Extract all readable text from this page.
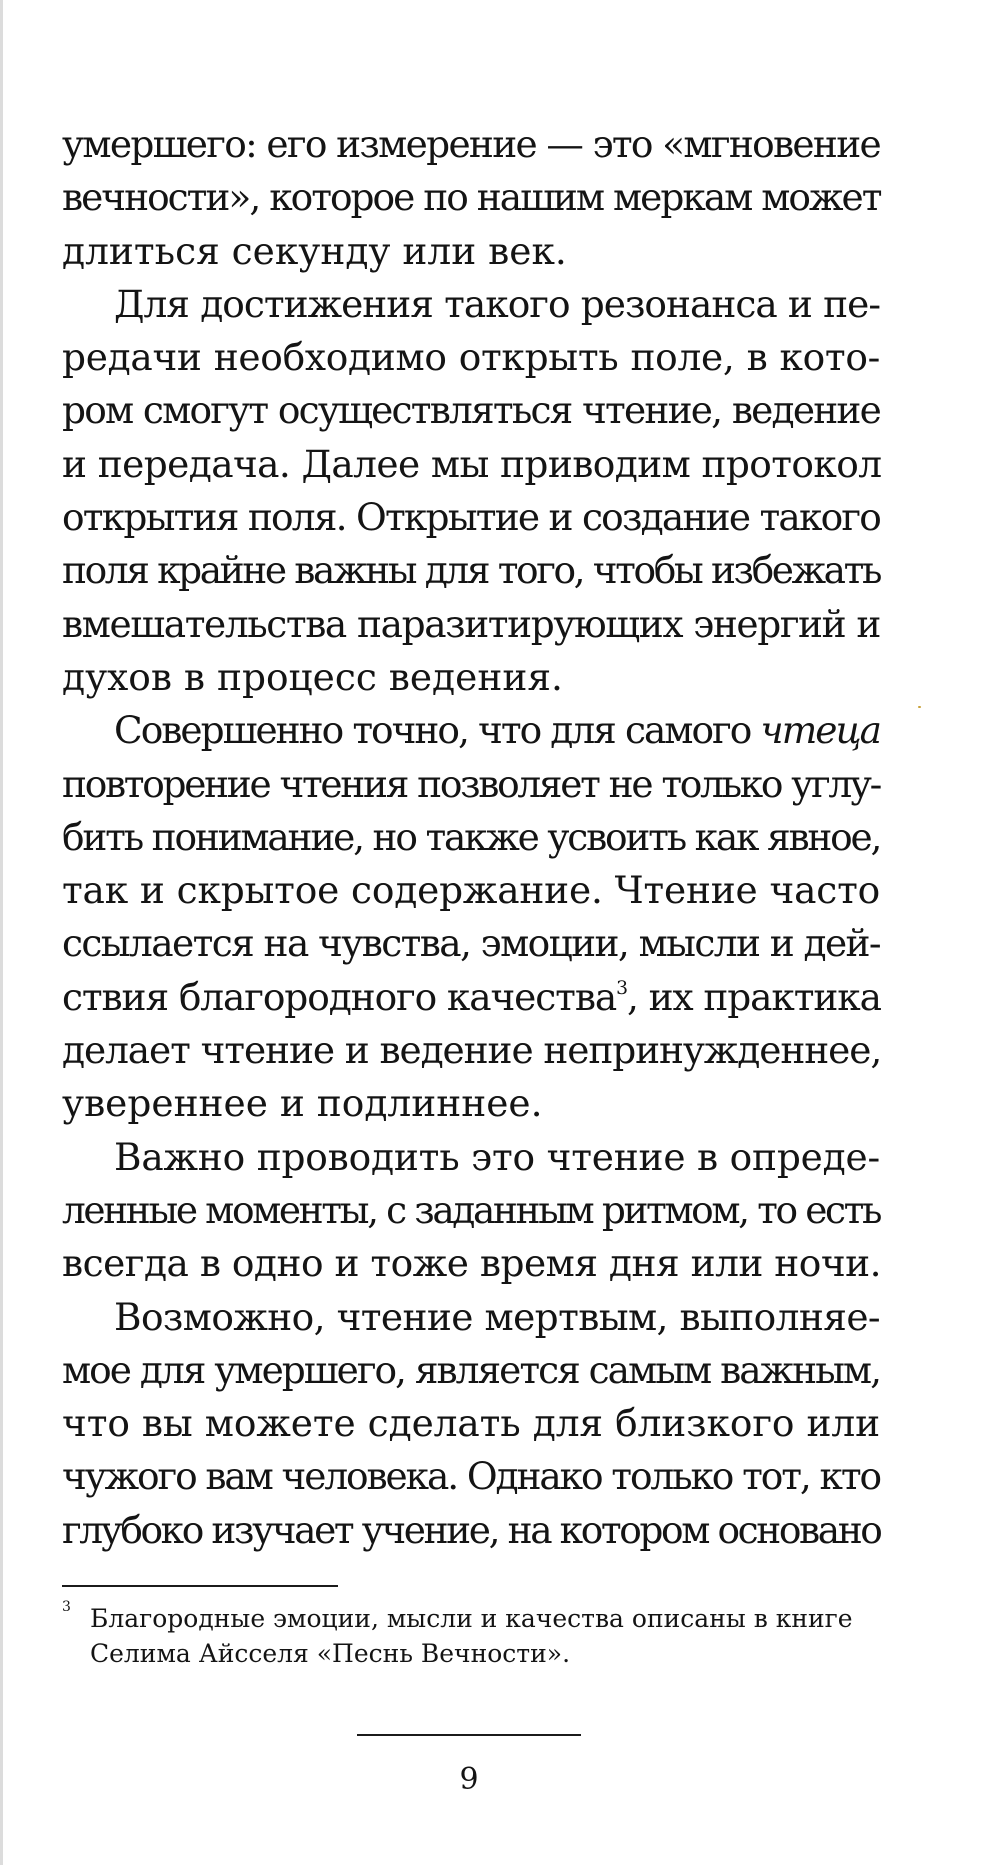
умершего: его измерение — это «мгновение
вечности», которое по нашим меркам может
длиться секунду или век.
Для достижения такого резонанса и пе-
редачи необходимо открыть поле, в кото-
ром смогут осуществляться чтение, ведение
и передача. Далее мы приводим протокол
открытия поля. Открытие и создание такого
поля крайне важны для того, чтобы избежать
вмешательства паразитирующих энергий и
духов в процесс ведения.
Совершенно точно, что для самого чтеца
повторение чтения позволяет не только углу-
бить понимание, но также усвоить как явное,
так и скрытое содержание. Чтение часто
ссылается на чувства, эмоции, мысли и дей-
ствия благородного качества$^3$, их практика
делает чтение и ведение непринужденнее,
увереннее и подлиннее.
Важно проводить это чтение в опреде-
ленные моменты, с заданным ритмом, то есть
всегда в одно и тоже время дня или ночи.
Возможно, чтение мертвым, выполняе-
мое для умершего, является самым важным,
что вы можете сделать для близкого или
чужого вам человека. Однако только тот, кто
глубоко изучает учение, на котором основано
3 Благородные эмоции, мысли и качества описаны в книге
Селима Айсселя «Песнь Вечности».
9
